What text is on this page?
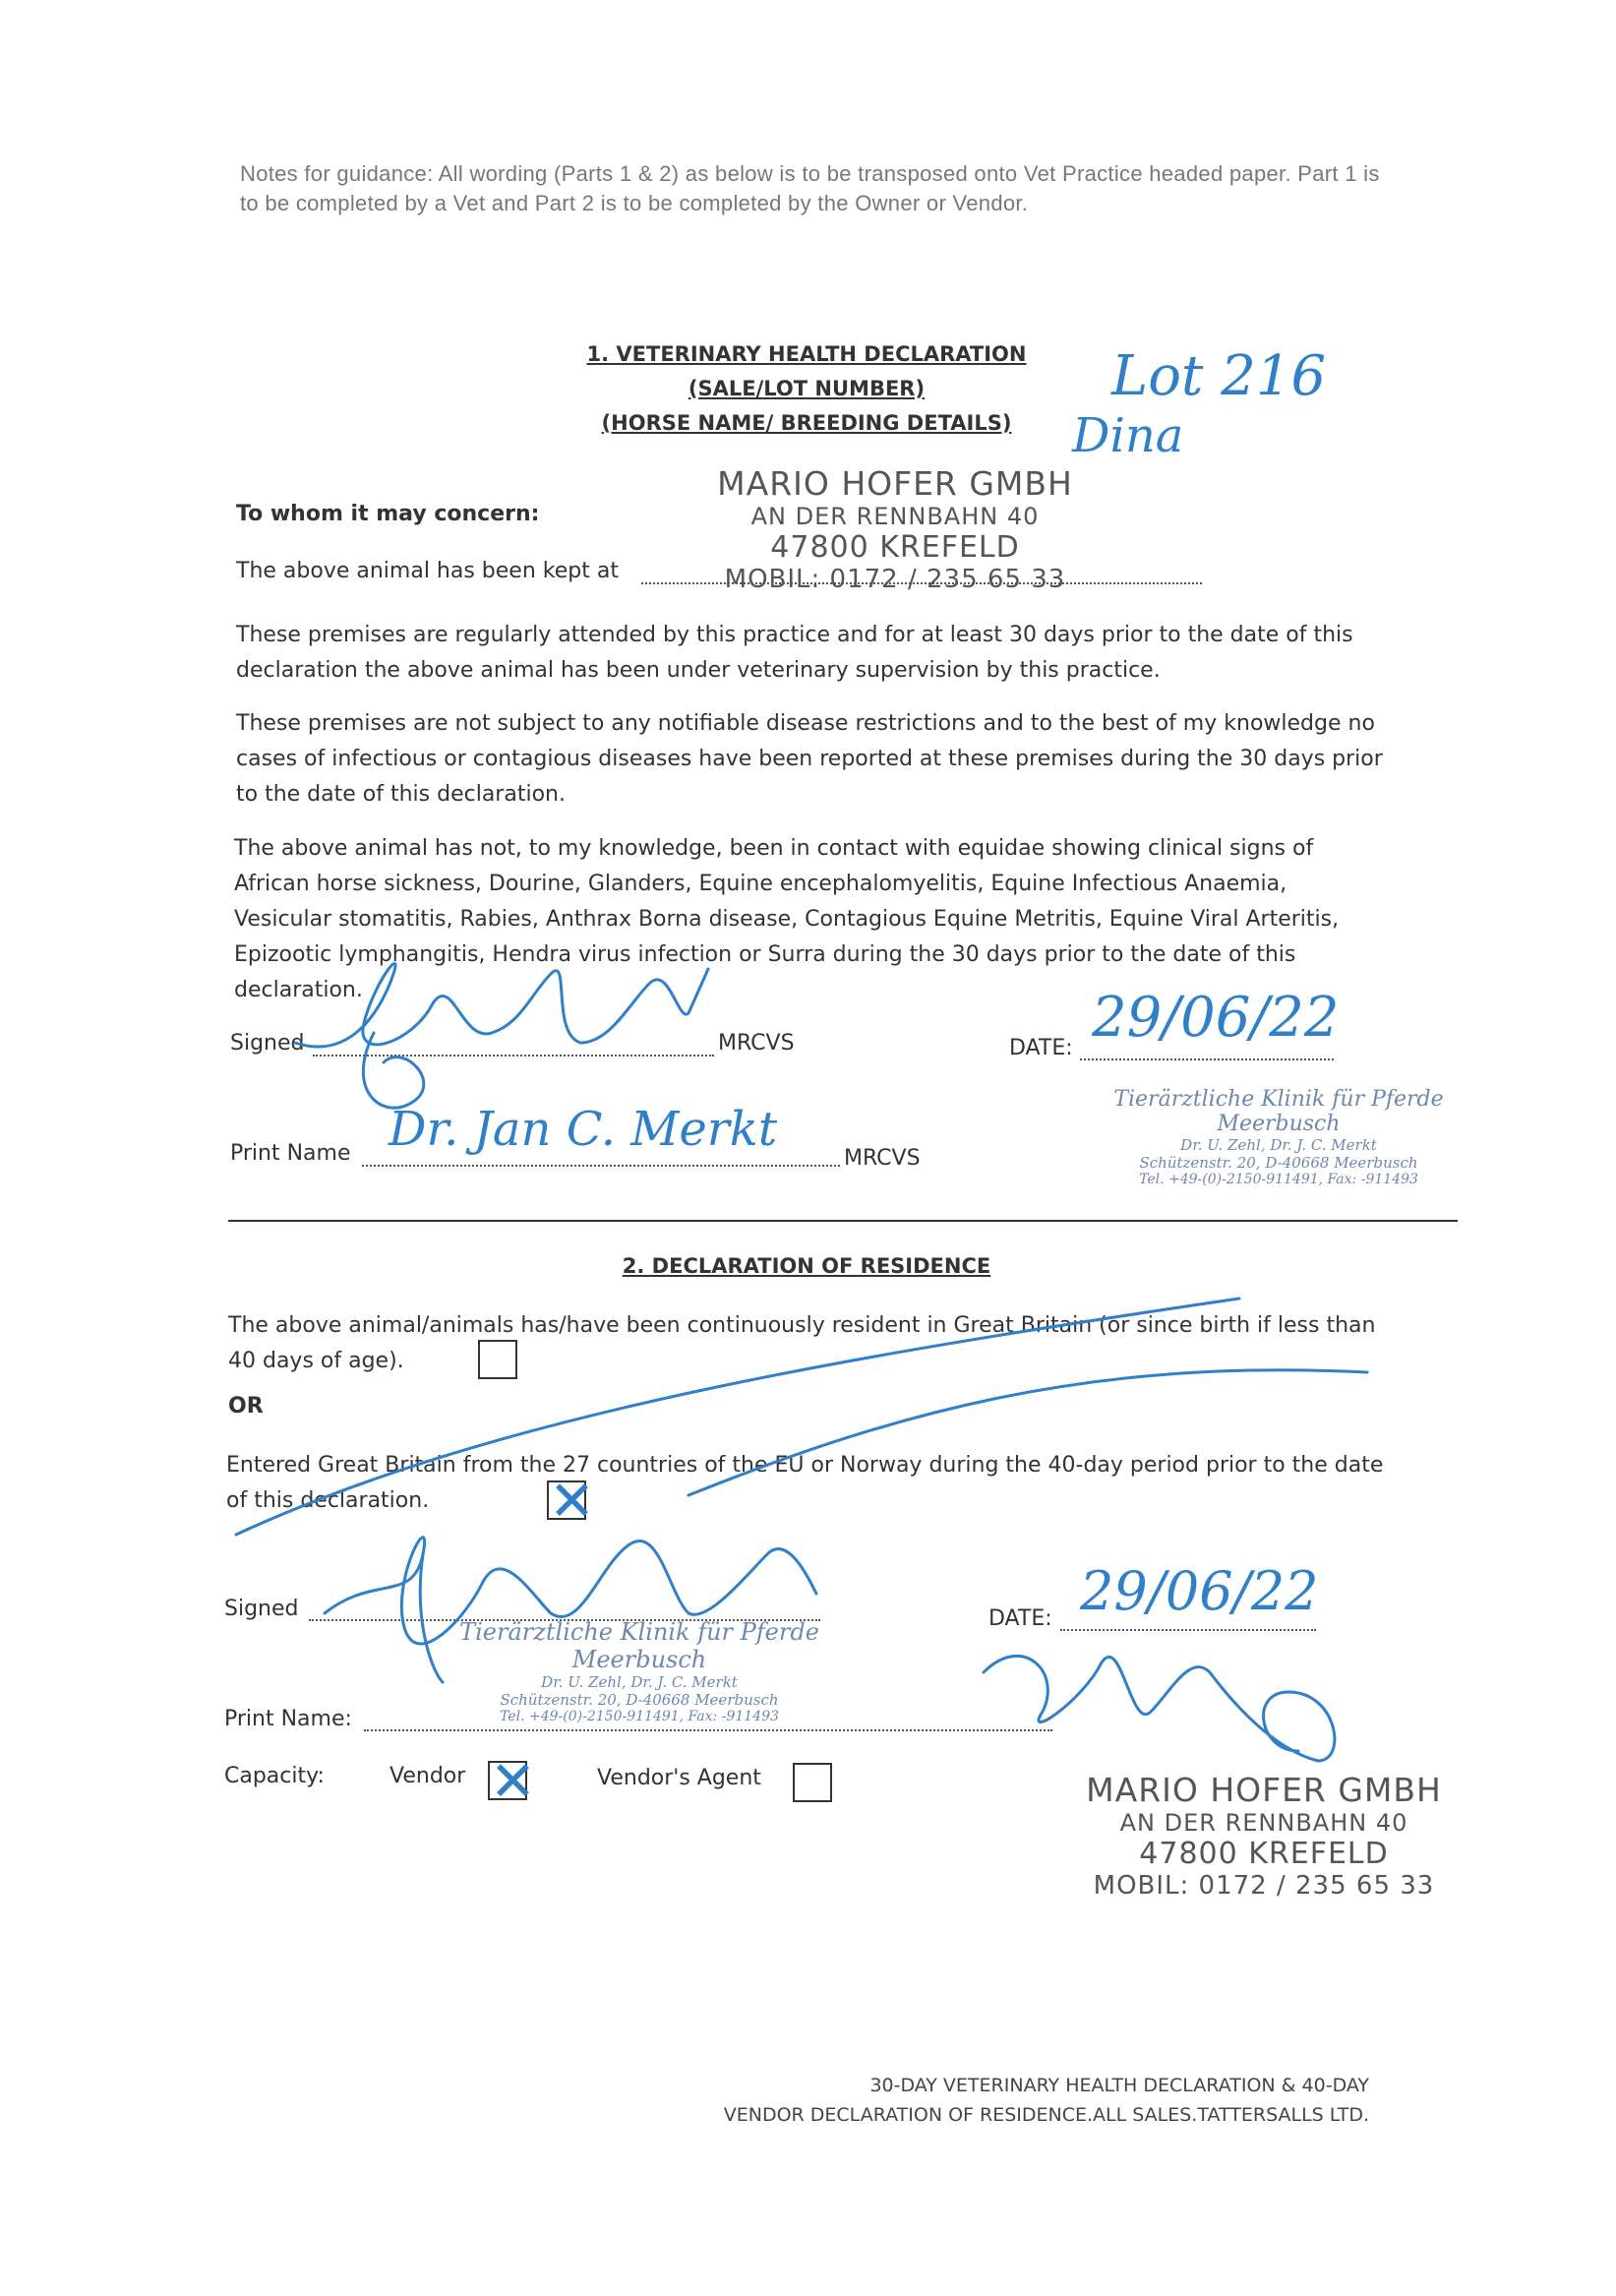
Notes for guidance: All wording (Parts 1 & 2) as below is to be transposed onto Vet Practice headed paper. Part 1 is to be completed by a Vet and Part 2 is to be completed by the Owner or Vendor.
1. VETERINARY HEALTH DECLARATION
(SALE/LOT NUMBER)
(HORSE NAME/ BREEDING DETAILS)
Lot 216
Dina
MARIO HOFER GMBH
AN DER RENNBAHN 40
47800 KREFELD
MOBIL: 0172 / 235 65 33
To whom it may concern:
The above animal has been kept at
These premises are regularly attended by this practice and for at least 30 days prior to the date of this declaration the above animal has been under veterinary supervision by this practice.
These premises are not subject to any notifiable disease restrictions and to the best of my knowledge no cases of infectious or contagious diseases have been reported at these premises during the 30 days prior to the date of this declaration.
The above animal has not, to my knowledge, been in contact with equidae showing clinical signs of African horse sickness, Dourine, Glanders, Equine encephalomyelitis, Equine Infectious Anaemia, Vesicular stomatitis, Rabies, Anthrax Borna disease, Contagious Equine Metritis, Equine Viral Arteritis, Epizootic lymphangitis, Hendra virus infection or Surra during the 30 days prior to the date of this declaration.
Signed	MRCVS	DATE: 29/06/22
Print Name	MRCVS
Dr. Jan C. Merkt
Tierärztliche Klinik für Pferde
Meerbusch
Dr. U. Zehl, Dr. J. C. Merkt
Schützenstr. 20, D-40668 Meerbusch
Tel. +49-(0)-2150-911491, Fax: -911493
2. DECLARATION OF RESIDENCE
The above animal/animals has/have been continuously resident in Great Britain (or since birth if less than 40 days of age).
OR
Entered Great Britain from the 27 countries of the EU or Norway during the 40-day period prior to the date of this declaration.	✕
Signed	DATE: 29/06/22
Print Name:
Tierärztliche Klinik für Pferde
Meerbusch
Dr. U. Zehl, Dr. J. C. Merkt
Schützenstr. 20, D-40668 Meerbusch
Tel. +49-(0)-2150-911491, Fax: -911493
Capacity:	Vendor ✕	Vendor's Agent	MARIO HOFER GMBH
AN DER RENNBAHN 40
47800 KREFELD
MOBIL: 0172 / 235 65 33
30-DAY VETERINARY HEALTH DECLARATION & 40-DAY
VENDOR DECLARATION OF RESIDENCE.ALL SALES.TATTERSALLS LTD.
